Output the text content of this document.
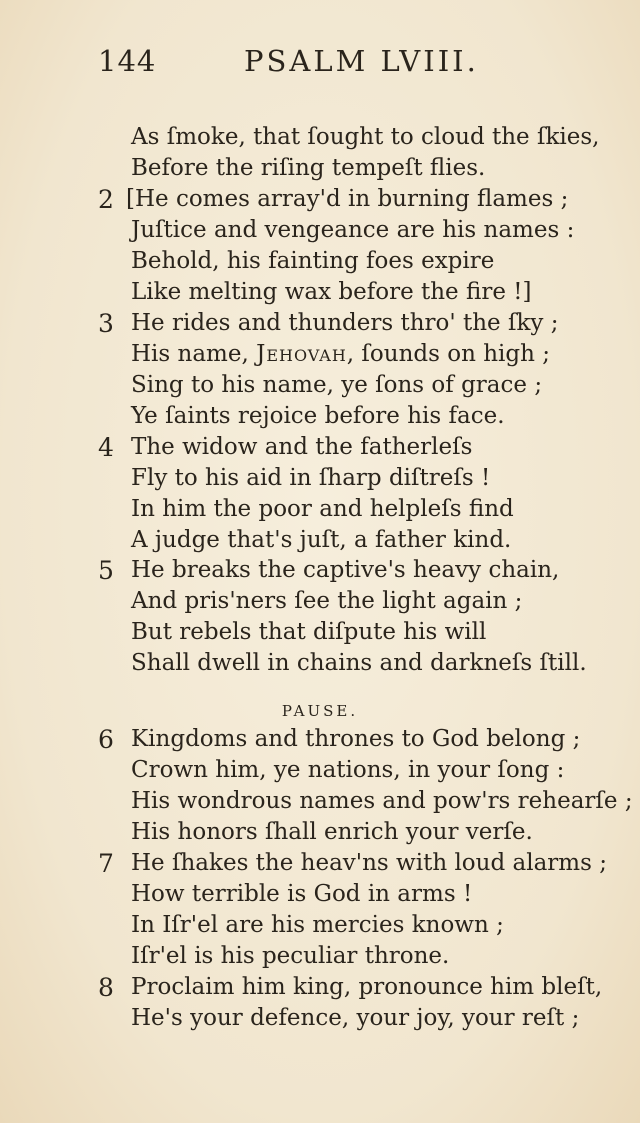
144	PSALM LVIII.
As ſmoke, that ſought to cloud the ſkies,
Before the riſing tempeſt flies.
2 [He comes array'd in burning flames ;
Juſtice and vengeance are his names :
Behold, his fainting foes expire
Like melting wax before the fire !]
3 He rides and thunders thro' the ſky ;
His name, Jehovah, ſounds on high ;
Sing to his name, ye ſons of grace ;
Ye ſaints rejoice before his face.
4 The widow and the fatherleſs
Fly to his aid in ſharp diſtreſs !
In him the poor and helpleſs find
A judge that's juſt, a father kind.
5 He breaks the captive's heavy chain,
And pris'ners ſee the light again ;
But rebels that diſpute his will
Shall dwell in chains and darkneſs ſtill.
PAUSE.
6 Kingdoms and thrones to God belong ;
Crown him, ye nations, in your ſong :
His wondrous names and pow'rs rehearſe ;
His honors ſhall enrich your verſe.
7 He ſhakes the heav'ns with loud alarms ;
How terrible is God in arms !
In Iſr'el are his mercies known ;
Iſr'el is his peculiar throne.
8 Proclaim him king, pronounce him bleſt,
He's your defence, your joy, your reſt ;
